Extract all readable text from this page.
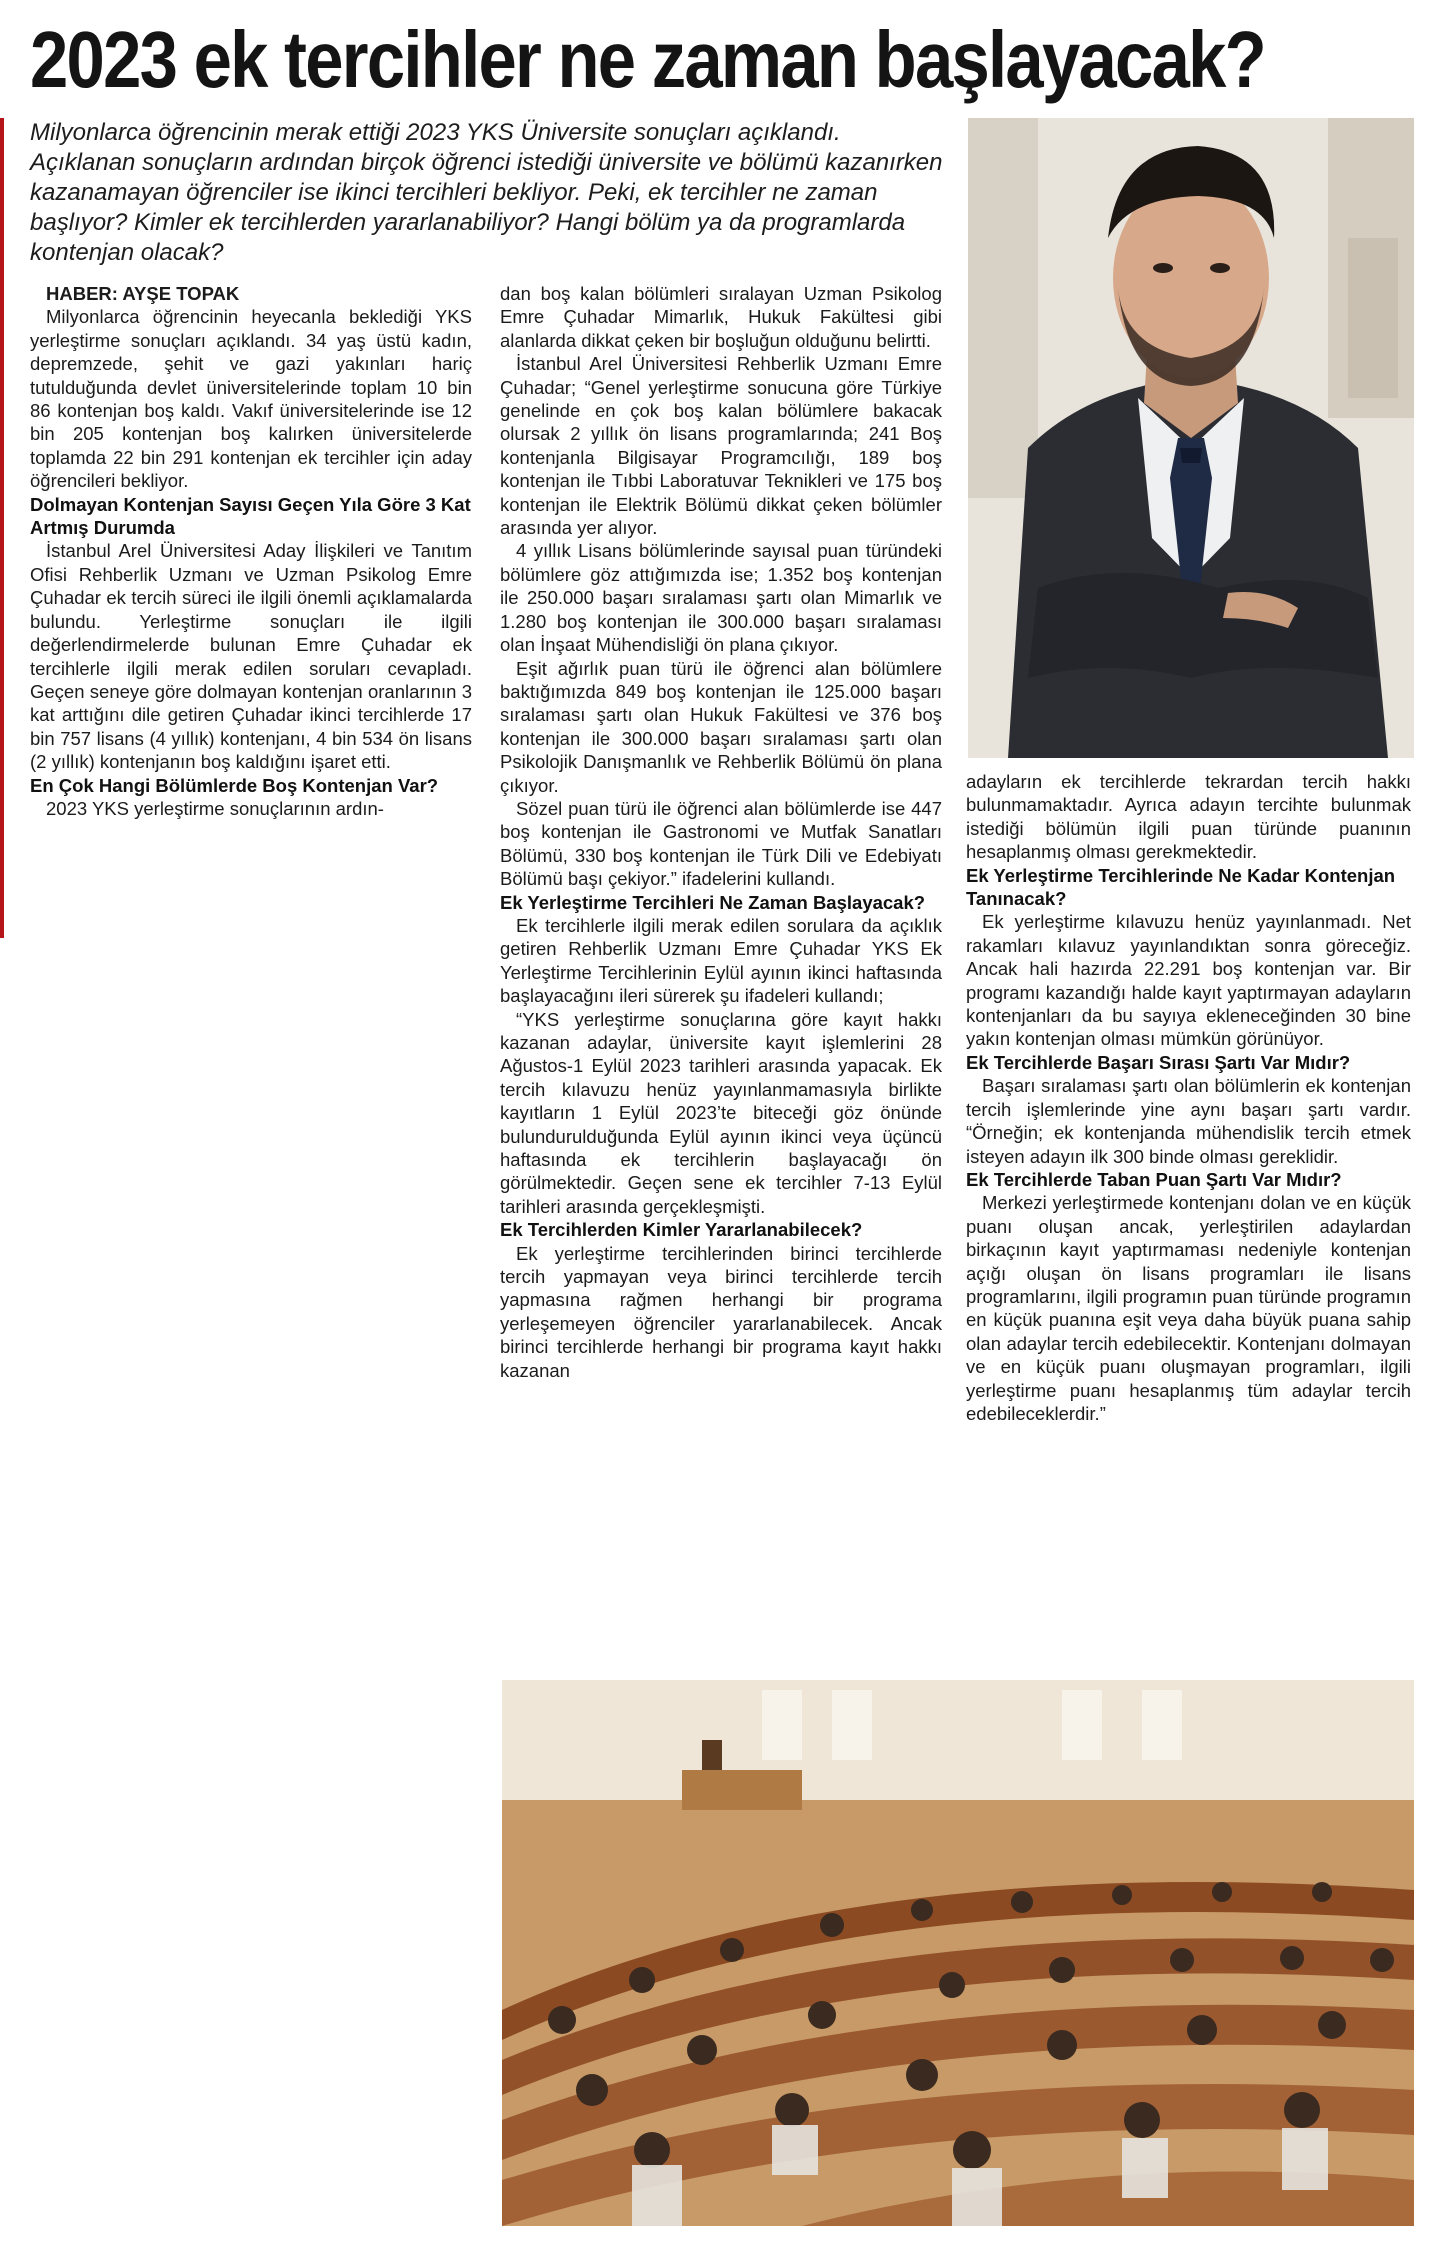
2023 ek tercihler ne zaman başlayacak?

Milyonlarca öğrencinin merak ettiği 2023 YKS Üniversite sonuçları açıklandı. Açıklanan sonuçların ardından birçok öğrenci istediği üniversite ve bölümü kazanırken kazanamayan öğrenciler ise ikinci tercihleri bekliyor. Peki, ek tercihler ne zaman başlıyor? Kimler ek tercihlerden yararlanabiliyor? Hangi bölüm ya da programlarda kontenjan olacak?

HABER: AYŞE TOPAK

Milyonlarca öğrencinin heyecanla beklediği YKS yerleştirme sonuçları açıklandı. 34 yaş üstü kadın, depremzede, şehit ve gazi yakınları hariç tutulduğunda devlet üniversitelerinde toplam 10 bin 86 kontenjan boş kaldı. Vakıf üniversitelerinde ise 12 bin 205 kontenjan boş kalırken üniversitelerde toplamda 22 bin 291 kontenjan ek tercihler için aday öğrencileri bekliyor.

Dolmayan Kontenjan Sayısı Geçen Yıla Göre 3 Kat Artmış Durumda

İstanbul Arel Üniversitesi Aday İlişkileri ve Tanıtım Ofisi Rehberlik Uzmanı ve Uzman Psikolog Emre Çuhadar ek tercih süreci ile ilgili önemli açıklamalarda bulundu. Yerleştirme sonuçları ile ilgili değerlendirmelerde bulunan Emre Çuhadar ek tercihlerle ilgili merak edilen soruları cevapladı. Geçen seneye göre dolmayan kontenjan oranlarının 3 kat arttığını dile getiren Çuhadar ikinci tercihlerde 17 bin 757 lisans (4 yıllık) kontenjanı, 4 bin 534 ön lisans (2 yıllık) kontenjanın boş kaldığını işaret etti.

En Çok Hangi Bölümlerde Boş Kontenjan Var?

2023 YKS yerleştirme sonuçlarının ardın-

dan boş kalan bölümleri sıralayan Uzman Psikolog Emre Çuhadar Mimarlık, Hukuk Fakültesi gibi alanlarda dikkat çeken bir boşluğun olduğunu belirtti.

İstanbul Arel Üniversitesi Rehberlik Uzmanı Emre Çuhadar; “Genel yerleştirme sonucuna göre Türkiye genelinde en çok boş kalan bölümlere bakacak olursak 2 yıllık ön lisans programlarında; 241 Boş kontenjanla Bilgisayar Programcılığı, 189 boş kontenjan ile Tıbbi Laboratuvar Teknikleri ve 175 boş kontenjan ile Elektrik Bölümü dikkat çeken bölümler arasında yer alıyor.

4 yıllık Lisans bölümlerinde sayısal puan türündeki bölümlere göz attığımızda ise; 1.352 boş kontenjan ile 250.000 başarı sıralaması şartı olan Mimarlık ve 1.280 boş kontenjan ile 300.000 başarı sıralaması olan İnşaat Mühendisliği ön plana çıkıyor.

Eşit ağırlık puan türü ile öğrenci alan bölümlere baktığımızda 849 boş kontenjan ile 125.000 başarı sıralaması şartı olan Hukuk Fakültesi ve 376 boş kontenjan ile 300.000 başarı sıralaması şartı olan Psikolojik Danışmanlık ve Rehberlik Bölümü ön plana çıkıyor.

Sözel puan türü ile öğrenci alan bölümlerde ise 447 boş kontenjan ile Gastronomi ve Mutfak Sanatları Bölümü, 330 boş kontenjan ile Türk Dili ve Edebiyatı Bölümü başı çekiyor.” ifadelerini kullandı.

Ek Yerleştirme Tercihleri Ne Zaman Başlayacak?

Ek tercihlerle ilgili merak edilen sorulara da açıklık getiren Rehberlik Uzmanı Emre Çuhadar YKS Ek Yerleştirme Tercihlerinin Eylül ayının ikinci haftasında başlayacağını ileri sürerek şu ifadeleri kullandı;

“YKS yerleştirme sonuçlarına göre kayıt hakkı kazanan adaylar, üniversite kayıt işlemlerini 28 Ağustos-1 Eylül 2023 tarihleri arasında yapacak. Ek tercih kılavuzu henüz yayınlanmamasıyla birlikte kayıtların 1 Eylül 2023’te biteceği göz önünde bulundurulduğunda Eylül ayının ikinci veya üçüncü haftasında ek tercihlerin başlayacağı ön görülmektedir. Geçen sene ek tercihler 7-13 Eylül tarihleri arasında gerçekleşmişti.

Ek Tercihlerden Kimler Yararlanabilecek?

Ek yerleştirme tercihlerinden birinci tercihlerde tercih yapmayan veya birinci tercihlerde tercih yapmasına rağmen herhangi bir programa yerleşemeyen öğrenciler yararlanabilecek. Ancak birinci tercihlerde herhangi bir programa kayıt hakkı kazanan

adayların ek tercihlerde tekrardan tercih hakkı bulunmamaktadır. Ayrıca adayın tercihte bulunmak istediği bölümün ilgili puan türünde puanının hesaplanmış olması gerekmektedir.

Ek Yerleştirme Tercihlerinde Ne Kadar Kontenjan Tanınacak?

Ek yerleştirme kılavuzu henüz yayınlanmadı. Net rakamları kılavuz yayınlandıktan sonra göreceğiz. Ancak hali hazırda 22.291 boş kontenjan var. Bir programı kazandığı halde kayıt yaptırmayan adayların kontenjanları da bu sayıya ekleneceğinden 30 bine yakın kontenjan olması mümkün görünüyor.

Ek Tercihlerde Başarı Sırası Şartı Var Mıdır?

Başarı sıralaması şartı olan bölümlerin ek kontenjan tercih işlemlerinde yine aynı başarı şartı vardır. “Örneğin; ek kontenjanda mühendislik tercih etmek isteyen adayın ilk 300 binde olması gereklidir.

Ek Tercihlerde Taban Puan Şartı Var Mıdır?

Merkezi yerleştirmede kontenjanı dolan ve en küçük puanı oluşan ancak, yerleştirilen adaylardan birkaçının kayıt yaptırmaması nedeniyle kontenjan açığı oluşan ön lisans programları ile lisans programlarını, ilgili programın puan türünde programın en küçük puanına eşit veya daha büyük puana sahip olan adaylar tercih edebilecektir. Kontenjanı dolmayan ve en küçük puanı oluşmayan programları, ilgili yerleştirme puanı hesaplanmış tüm adaylar tercih edebileceklerdir.”
